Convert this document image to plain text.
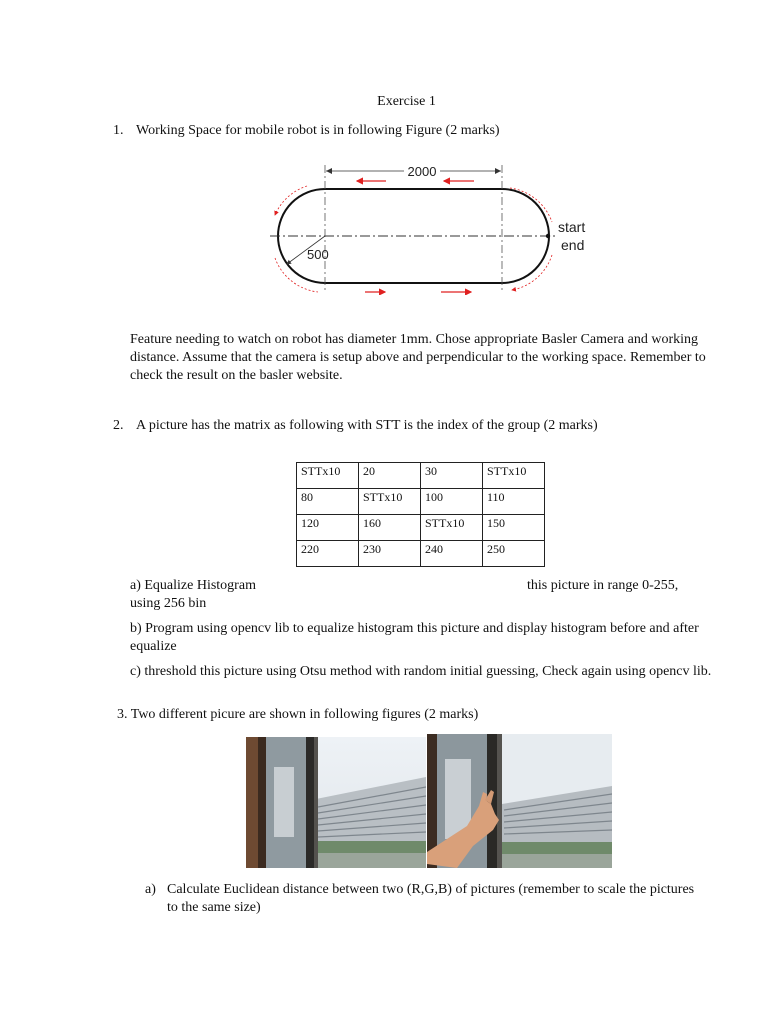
Exercise 1
1. Working Space for mobile robot is in following Figure (2 marks)
2000
500
start
end
Feature needing to watch on robot has diameter 1mm. Chose appropriate Basler Camera and working distance. Assume that the camera is setup above and perpendicular to the working space. Remember to check the result on the basler website.
2. A picture has the matrix as following with STT is the index of the group (2 marks)
STTx10	20	30	STTx10
80	STTx10	100	110
120	160	STTx10	150
220	230	240	250
a) Equalize Histogram	this picture in range 0-255,

using 256 bin
b) Program using opencv lib to equalize histogram this picture and display histogram before and after equalize
c) threshold this picture using Otsu method with random initial guessing, Check again using opencv lib.
3. Two different picure are shown in following figures (2 marks)
a) Calculate Euclidean distance between two (R,G,B) of pictures (remember to scale the pictures to the same size)
